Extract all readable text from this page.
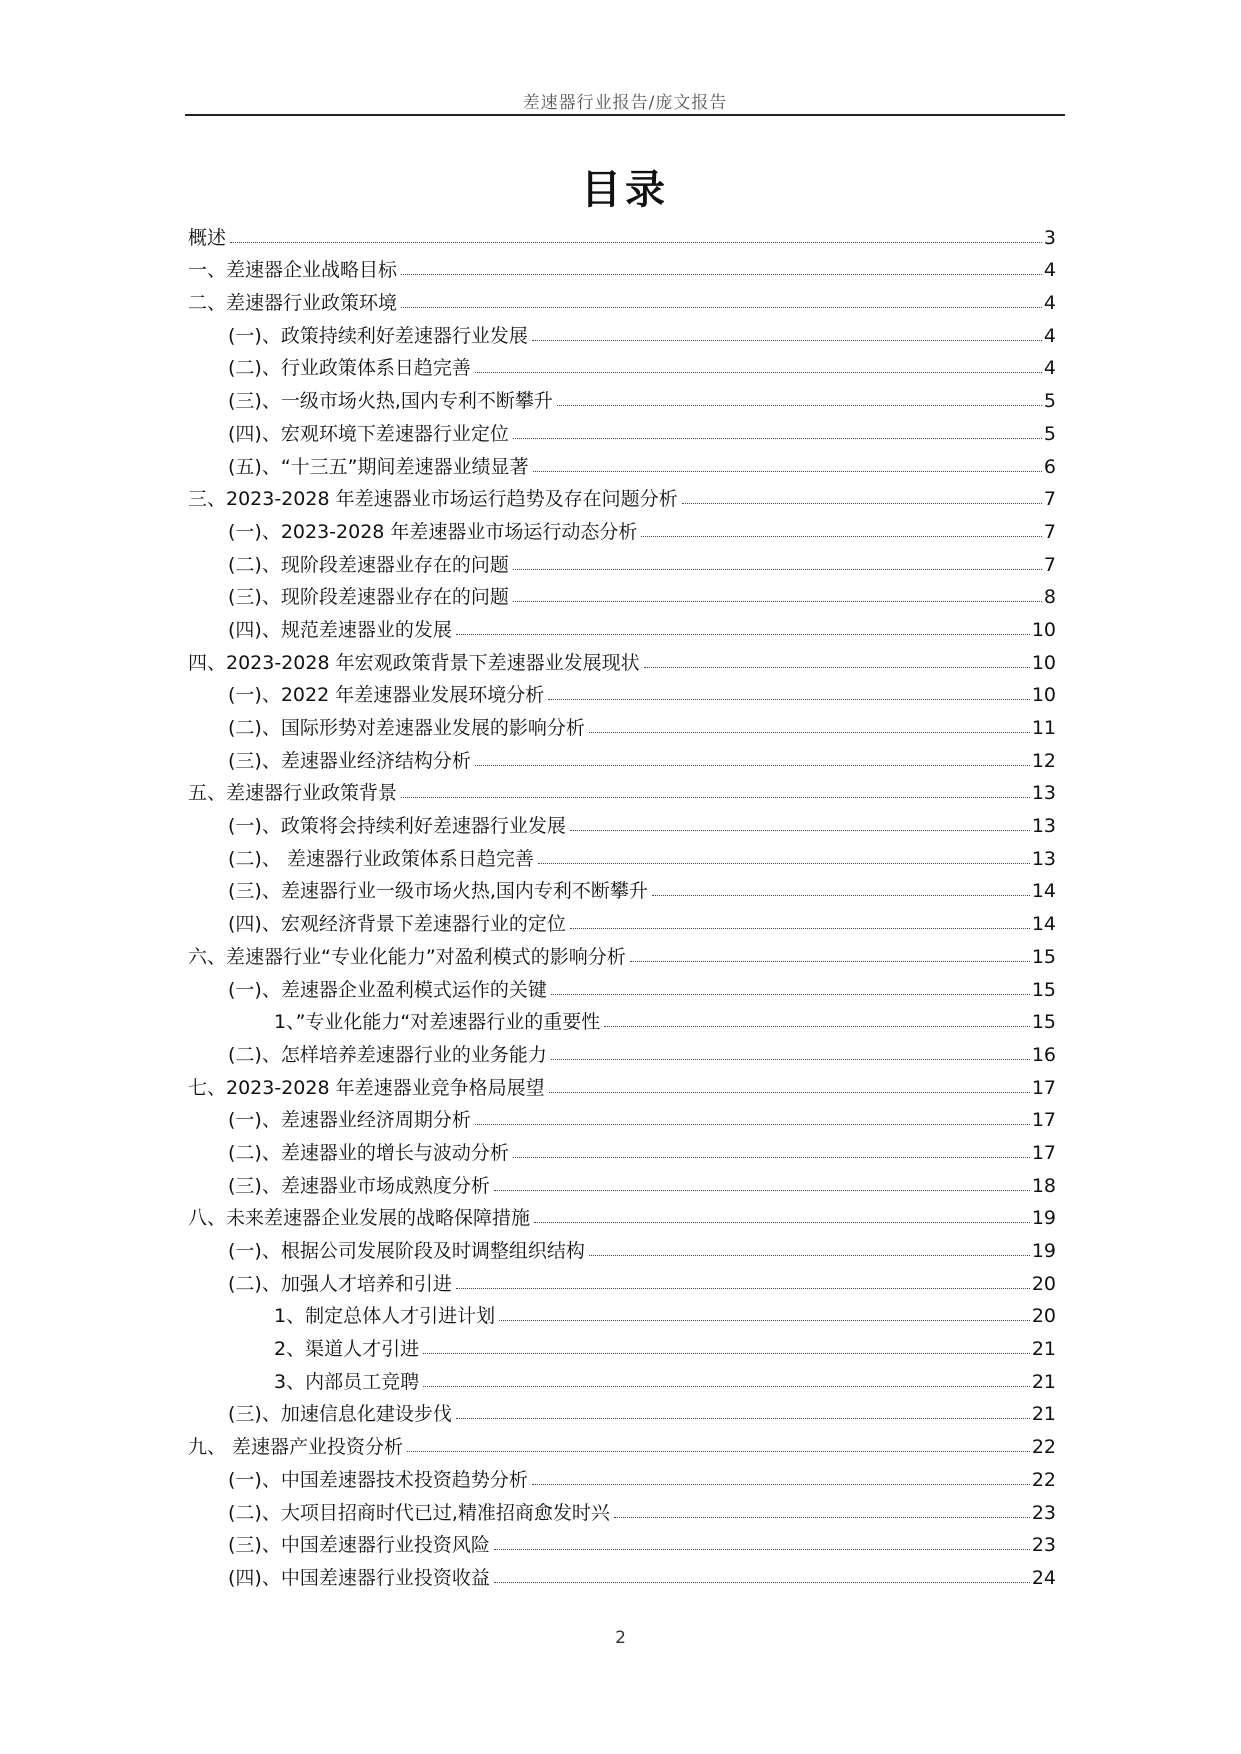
差速器行业报告/庞文报告
目录
概述	3
一、差速器企业战略目标	4
二、差速器行业政策环境	4
(一)、政策持续利好差速器行业发展	4
(二)、行业政策体系日趋完善	4
(三)、一级市场火热,国内专利不断攀升	5
(四)、宏观环境下差速器行业定位	5
(五)、“十三五”期间差速器业绩显著	6
三、2023-2028 年差速器业市场运行趋势及存在问题分析	7
(一)、2023-2028 年差速器业市场运行动态分析	7
(二)、现阶段差速器业存在的问题	7
(三)、现阶段差速器业存在的问题	8
(四)、规范差速器业的发展	10
四、2023-2028 年宏观政策背景下差速器业发展现状	10
(一)、2022 年差速器业发展环境分析	10
(二)、国际形势对差速器业发展的影响分析	11
(三)、差速器业经济结构分析	12
五、差速器行业政策背景	13
(一)、政策将会持续利好差速器行业发展	13
(二)、 差速器行业政策体系日趋完善	13
(三)、差速器行业一级市场火热,国内专利不断攀升	14
(四)、宏观经济背景下差速器行业的定位	14
六、差速器行业“专业化能力”对盈利模式的影响分析	15
(一)、差速器企业盈利模式运作的关键	15
1、”专业化能力“对差速器行业的重要性	15
(二)、怎样培养差速器行业的业务能力	16
七、2023-2028 年差速器业竞争格局展望	17
(一)、差速器业经济周期分析	17
(二)、差速器业的增长与波动分析	17
(三)、差速器业市场成熟度分析	18
八、未来差速器企业发展的战略保障措施	19
(一)、根据公司发展阶段及时调整组织结构	19
(二)、加强人才培养和引进	20
1、制定总体人才引进计划	20
2、渠道人才引进	21
3、内部员工竞聘	21
(三)、加速信息化建设步伐	21
九、 差速器产业投资分析	22
(一)、中国差速器技术投资趋势分析	22
(二)、大项目招商时代已过,精准招商愈发时兴	23
(三)、中国差速器行业投资风险	23
(四)、中国差速器行业投资收益	24
2
